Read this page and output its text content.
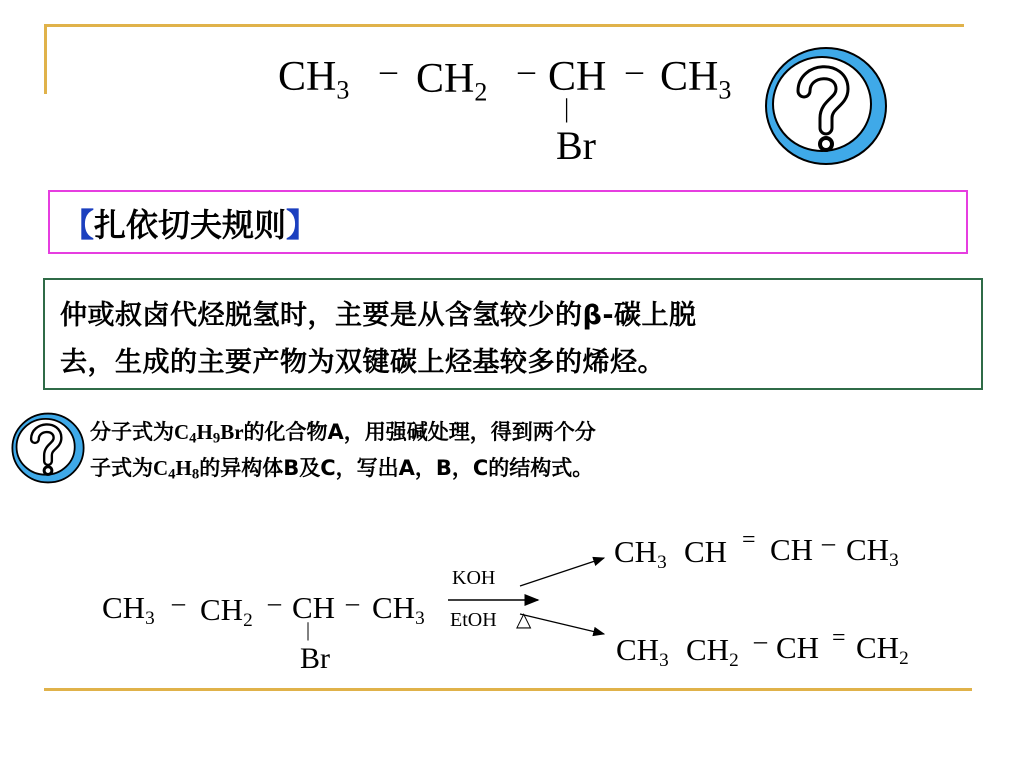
$CH_3$
– $CH_2$
– CH – $CH_3$
|
Br
【扎依切夫规则】
仲或叔卤代烃脱氢时，主要是从含氢较少的β-碳上脱
去，生成的主要产物为双键碳上烃基较多的烯烃。
分子式为$C_4H_9Br$的化合物A，用强碱处理，得到两个分
子式为$C_4H_8$的异构体B及C，写出A，B，C的结构式。
$CH_3$
– $CH_2$
– CH – $CH_3$
|
Br
KOH
EtOH △
$CH_3$ CH = CH – $CH_3$
$CH_3$ $CH_2$
– CH = $CH_2$
